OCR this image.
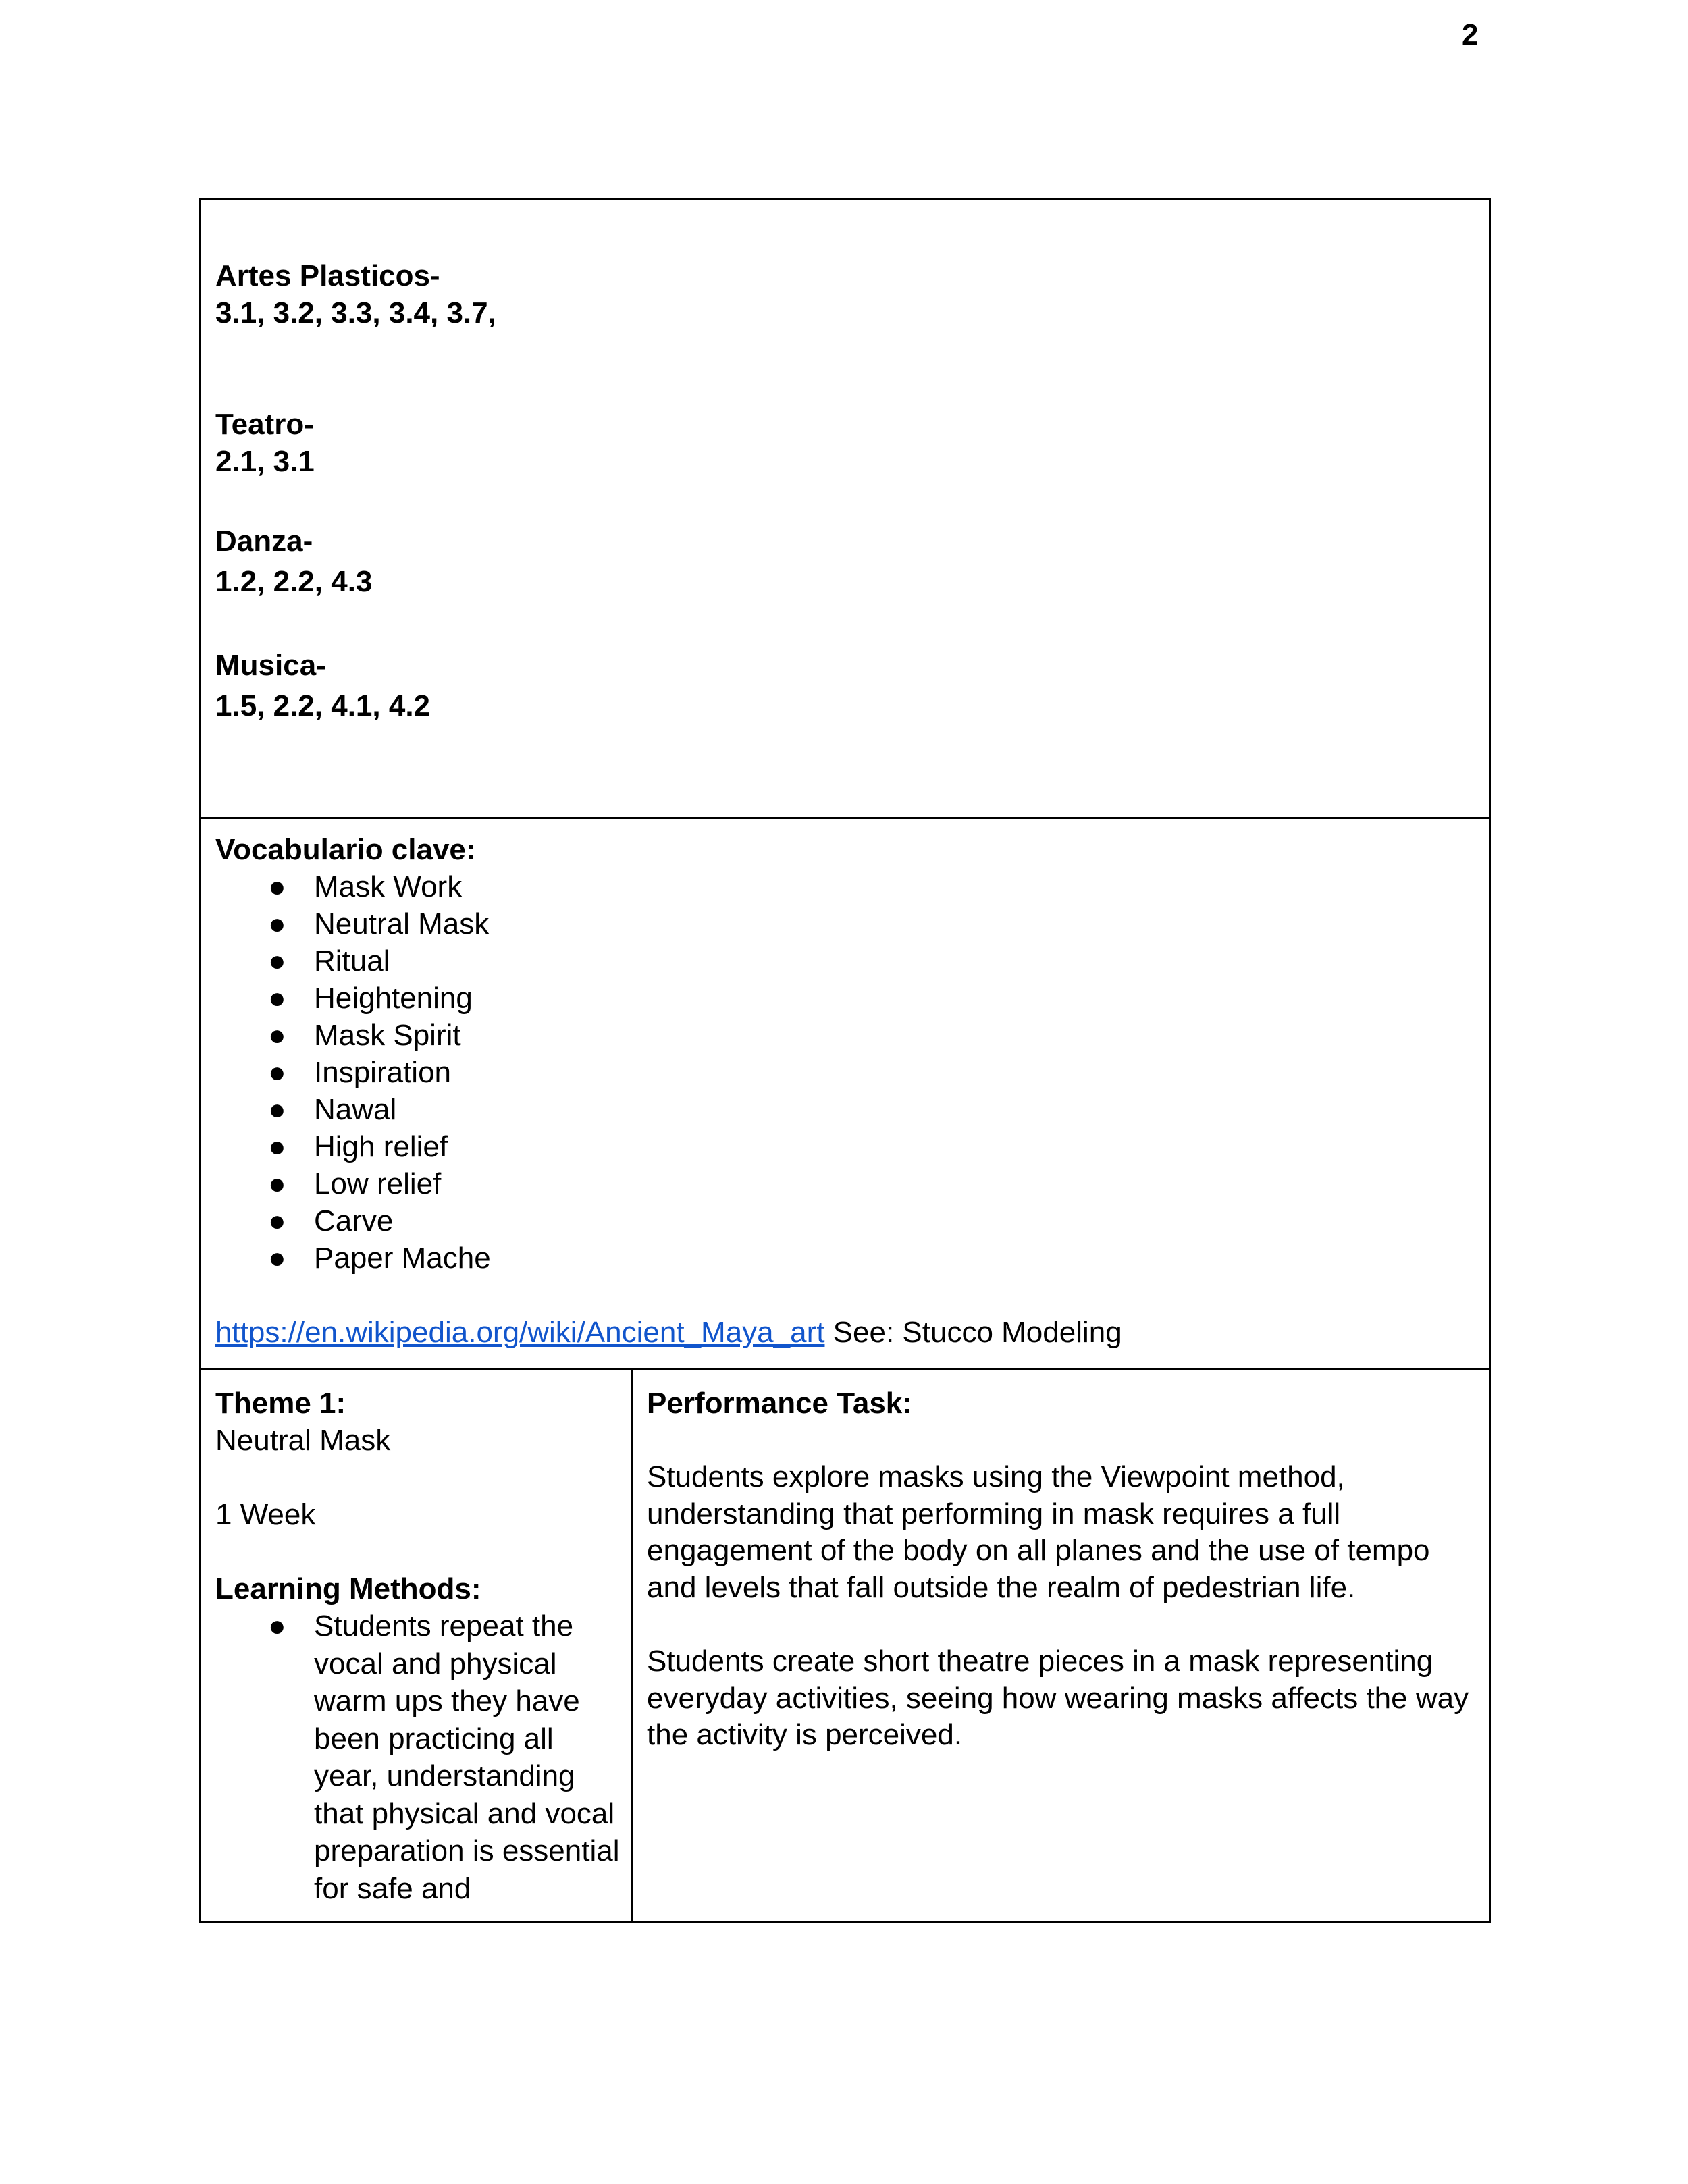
2
Artes Plasticos-
3.1, 3.2, 3.3, 3.4, 3.7,
Teatro-
2.1, 3.1
Danza-
1.2, 2.2, 4.3
Musica-
1.5, 2.2, 4.1, 4.2
Vocabulario clave:
● Mask Work
● Neutral Mask
● Ritual
● Heightening
● Mask Spirit
● Inspiration
● Nawal
● High relief
● Low relief
● Carve
● Paper Mache
https://en.wikipedia.org/wiki/Ancient_Maya_art See: Stucco Modeling
Theme 1:
Neutral Mask
1 Week
Learning Methods:
● Students repeat the vocal and physical warm ups they have been practicing all year, understanding that physical and vocal preparation is essential for safe and
Performance Task:

Students explore masks using the Viewpoint method, understanding that performing in mask requires a full engagement of the body on all planes and the use of tempo and levels that fall outside the realm of pedestrian life.

Students create short theatre pieces in a mask representing everyday activities, seeing how wearing masks affects the way the activity is perceived.
